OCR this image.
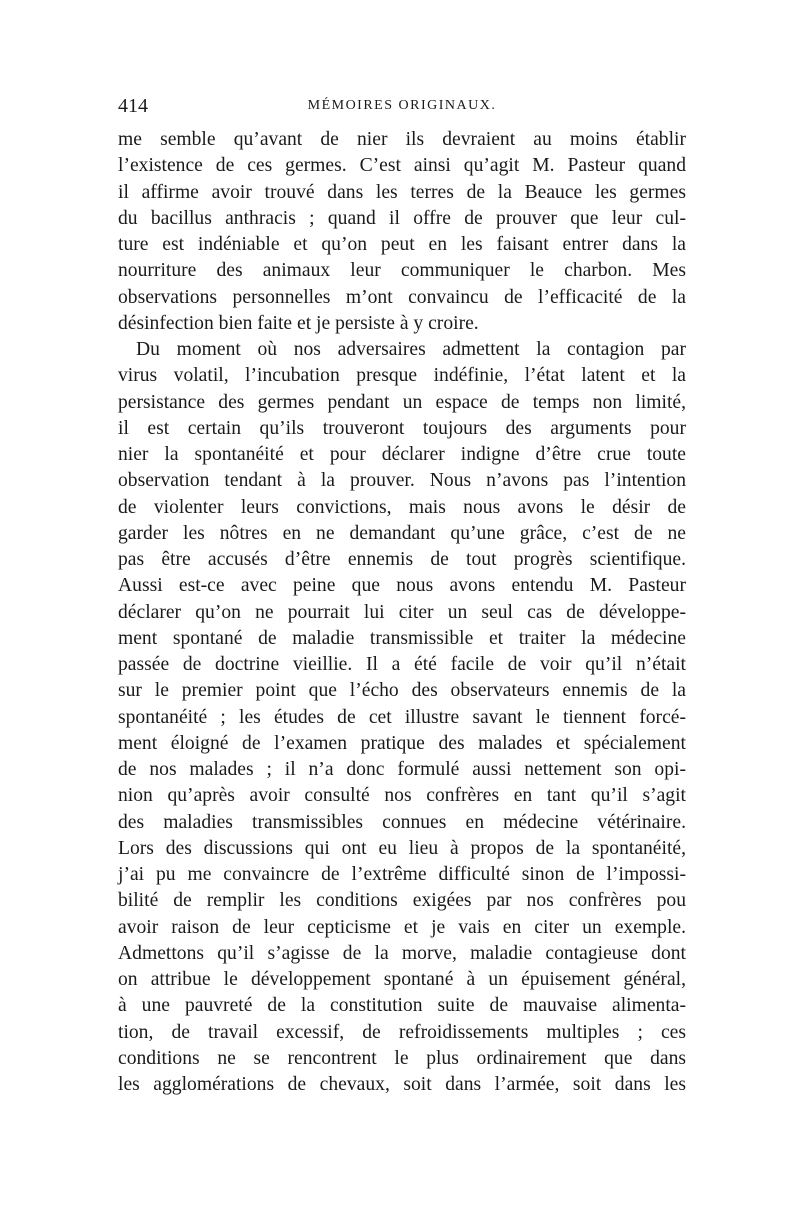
414	MÉMOIRES ORIGINAUX.
me semble qu’avant de nier ils devraient au moins établir
l’existence de ces germes. C’est ainsi qu’agit M. Pasteur quand
il affirme avoir trouvé dans les terres de la Beauce les germes
du bacillus anthracis ; quand il offre de prouver que leur cul-
ture est indéniable et qu’on peut en les faisant entrer dans la
nourriture des animaux leur communiquer le charbon. Mes
observations personnelles m’ont convaincu de l’efficacité de la
désinfection bien faite et je persiste à y croire.
Du moment où nos adversaires admettent la contagion par
virus volatil, l’incubation presque indéfinie, l’état latent et la
persistance des germes pendant un espace de temps non limité,
il est certain qu’ils trouveront toujours des arguments pour
nier la spontanéité et pour déclarer indigne d’être crue toute
observation tendant à la prouver. Nous n’avons pas l’intention
de violenter leurs convictions, mais nous avons le désir de
garder les nôtres en ne demandant qu’une grâce, c’est de ne
pas être accusés d’être ennemis de tout progrès scientifique.
Aussi est-ce avec peine que nous avons entendu M. Pasteur
déclarer qu’on ne pourrait lui citer un seul cas de développe-
ment spontané de maladie transmissible et traiter la médecine
passée de doctrine vieillie. Il a été facile de voir qu’il n’était
sur le premier point que l’écho des observateurs ennemis de la
spontanéité ; les études de cet illustre savant le tiennent forcé-
ment éloigné de l’examen pratique des malades et spécialement
de nos malades ; il n’a donc formulé aussi nettement son opi-
nion qu’après avoir consulté nos confrères en tant qu’il s’agit
des maladies transmissibles connues en médecine vétérinaire.
Lors des discussions qui ont eu lieu à propos de la spontanéité,
j’ai pu me convaincre de l’extrême difficulté sinon de l’impossi-
bilité de remplir les conditions exigées par nos confrères pou
avoir raison de leur cepticisme et je vais en citer un exemple.
Admettons qu’il s’agisse de la morve, maladie contagieuse dont
on attribue le développement spontané à un épuisement général,
à une pauvreté de la constitution suite de mauvaise alimenta-
tion, de travail excessif, de refroidissements multiples ; ces
conditions ne se rencontrent le plus ordinairement que dans
les agglomérations de chevaux, soit dans l’armée, soit dans les
